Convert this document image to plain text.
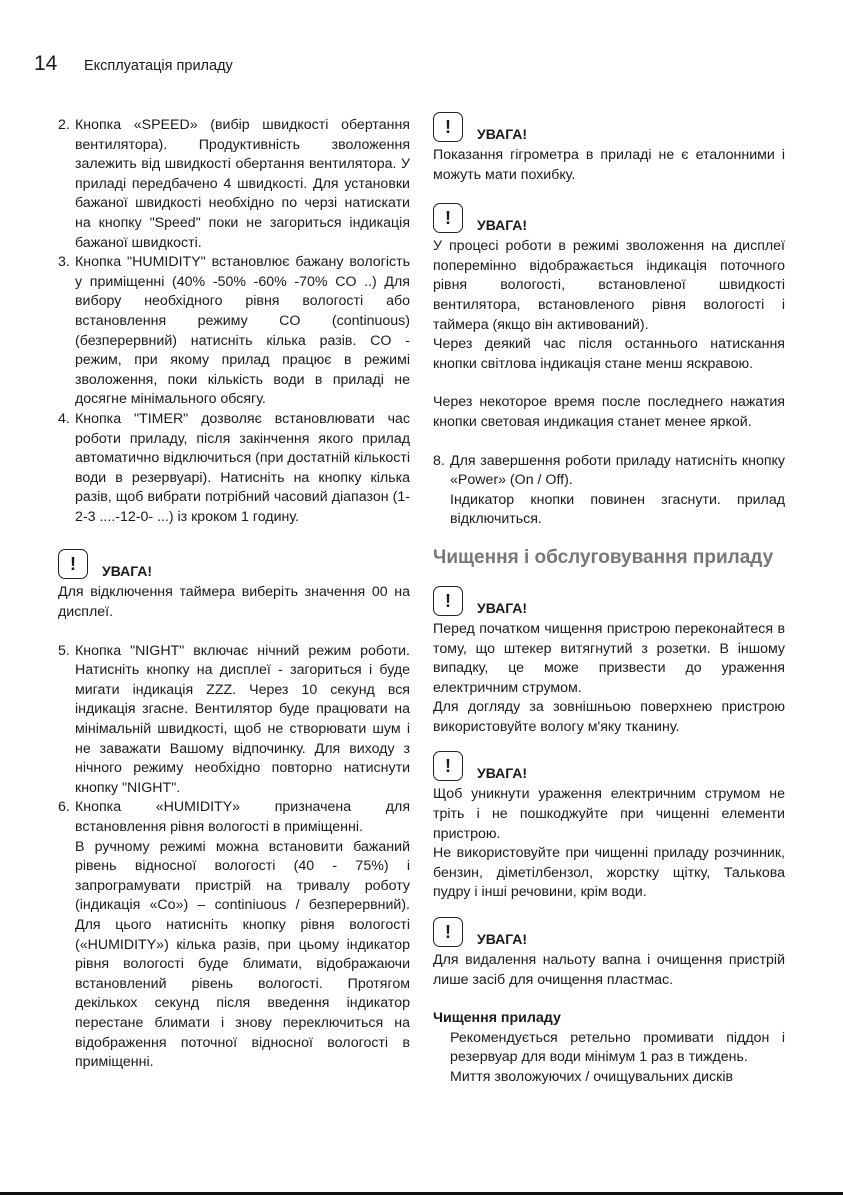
14	Експлуатація приладу
2. Кнопка «SPEED» (вибір швидкості обертання вентилятора). Продуктивність зволоження залежить від швидкості обертання вентилятора. У приладі передбачено 4 швидкості. Для установки бажаної швидкості необхідно по черзі натискати на кнопку "Speed" поки не загориться індикація бажаної швидкості.
3. Кнопка "HUMIDITY" встановлює бажану вологість у приміщенні (40% -50% -60% -70% CO ..) Для вибору необхідного рівня вологості або встановлення режиму CO (continuous) (безперервний) натисніть кілька разів. CO - режим, при якому прилад працює в режимі зволоження, поки кількість води в приладі не досягне мінімального обсягу.
4. Кнопка "TIMER" дозволяє встановлювати час роботи приладу, після закінчення якого прилад автоматично відключиться (при достатній кількості води в резервуарі). Натисніть на кнопку кілька разів, щоб вибрати потрібний часовий діапазон (1-2-3 ....-12-0- ...) із кроком 1 годину.
!	УВАГА!

Для відключення таймера виберіть значення 00 на дисплеї.

5. Кнопка "NIGHT" включає нічний режим роботи. Натисніть кнопку на дисплеї - загориться і буде мигати індикація ZZZ. Через 10 секунд вся індикація згасне. Вентилятор буде працювати на мінімальній швидкості, щоб не створювати шум і не заважати Вашому відпочинку. Для виходу з нічного режиму необхідно повторно натиснути кнопку "NIGHT".
6. Кнопка «HUMIDITY» призначена для встановлення рівня вологості в приміщенні.

В ручному режимі можна встановити бажаний рівень відносної вологості (40 - 75%) і запрограмувати пристрій на тривалу роботу (індикація «Co») – continiuous / безперервний). Для цього натисніть кнопку рівня вологості («HUMIDITY») кілька разів, при цьому індикатор рівня вологості буде блимати, відображаючи встановлений рівень вологості. Протягом декількох секунд після введення індикатор перестане блимати і знову переключиться на відображення поточної відносної вологості в приміщенні.

!	УВАГА!

Показання гігрометра в приладі не є еталонними і можуть мати похибку.

!	УВАГА!

У процесі роботи в режимі зволоження на дисплеї поперемінно відображається індикація поточного рівня вологості, встановленої швидкості вентилятора, встановленого рівня вологості і таймера (якщо він активований).

Через деякий час після останнього натискання кнопки світлова індикація стане менш яскравою.

Через некоторое время после последнего нажатия кнопки световая индикация станет менее яркой.

8. Для завершення роботи приладу натисніть кнопку «Power» (On / Off).

Індикатор кнопки повинен згаснути. прилад відключиться.

Чищення і обслуговування приладу
!	УВАГА!

Перед початком чищення пристрою переконайтеся в тому, що штекер витягнутий з розетки. В іншому випадку, це може призвести до ураження електричним струмом.

Для догляду за зовнішньою поверхнею пристрою використовуйте вологу м'яку тканину.

!	УВАГА!

Щоб уникнути ураження електричним струмом не тріть і не пошкоджуйте при чищенні елементи пристрою.

Не використовуйте при чищенні приладу розчинник, бензин, діметілбензол, жорстку щітку, Талькова пудру і інші речовини, крім води.

!	УВАГА!

Для видалення нальоту вапна і очищення пристрій лише засіб для очищення пластмас.

Чищення приладу

Рекомендується ретельно промивати піддон і резервуар для води мінімум 1 раз в тиждень.

Миття зволожуючих / очищувальних дисків
